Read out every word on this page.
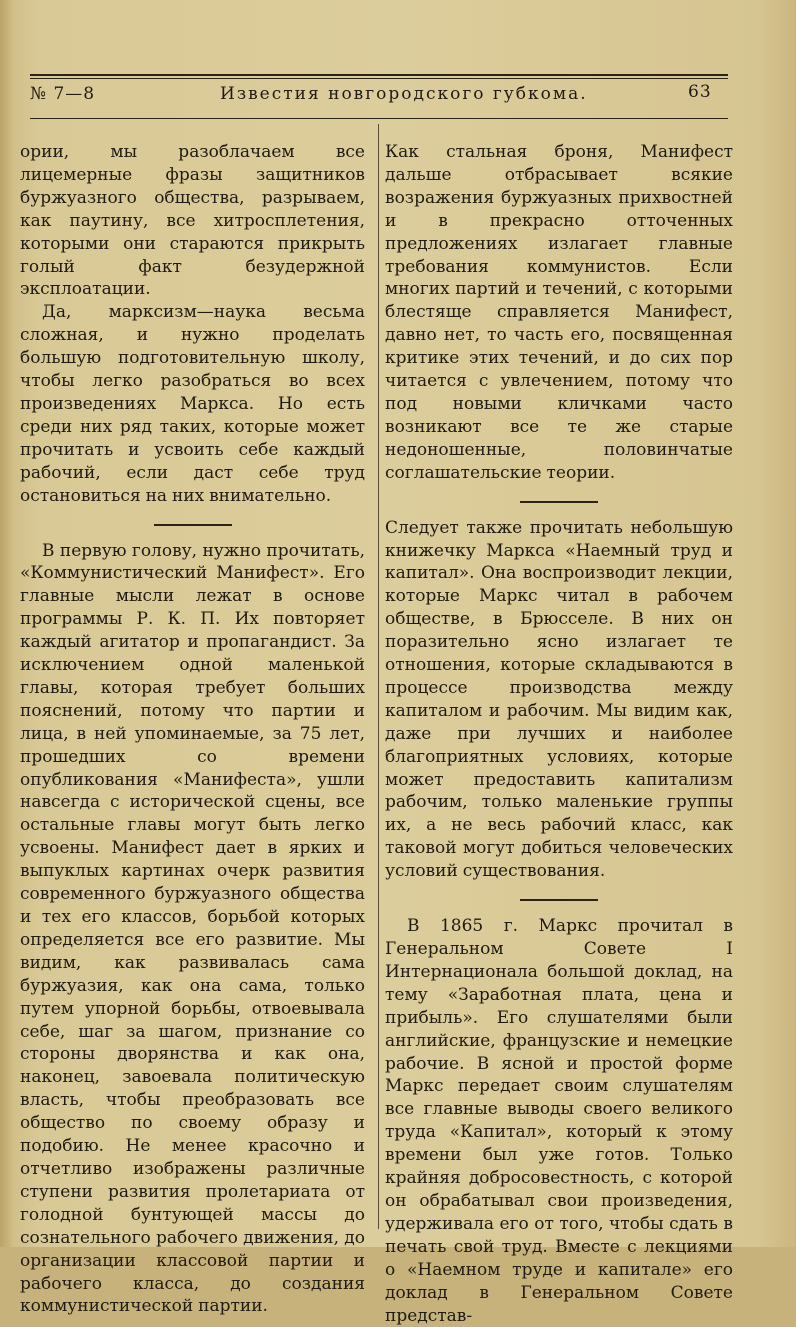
№ 7—8	Известия новгородского губкома.	63

ории, мы разоблачаем все лицемерные фразы защитников буржуазного общества, разрываем, как паутину, все хитросплетения, которыми они стараются прикрыть голый факт безудержной эксплоатации.

Да, марксизм—наука весьма сложная, и нужно проделать большую подготовительную школу, чтобы легко разобраться во всех произведениях Маркса. Но есть среди них ряд таких, которые может прочитать и усвоить себе каждый рабочий, если даст себе труд остановиться на них внимательно.

В первую голову, нужно прочитать, «Коммунистический Манифест». Его главные мысли лежат в основе программы Р. К. П. Их повторяет каждый агитатор и пропагандист. За исключением одной маленькой главы, которая требует больших пояснений, потому что партии и лица, в ней упоминаемые, за 75 лет, прошедших со времени опубликования «Манифеста», ушли навсегда с исторической сцены, все остальные главы могут быть легко усвоены. Манифест дает в ярких и выпуклых картинах очерк развития современного буржуазного общества и тех его классов, борьбой которых определяется все его развитие. Мы видим, как развивалась сама буржуазия, как она сама, только путем упорной борьбы, отвоевывала себе, шаг за шагом, признание со стороны дворянства и как она, наконец, завоевала политическую власть, чтобы преобразовать все общество по своему образу и подобию. Не менее красочно и отчетливо изображены различные ступени развития пролетариата от голодной бунтующей массы до сознательного рабочего движения, до организации классовой партии и рабочего класса, до создания коммунистической партии.

Как стальная броня, Манифест дальше отбрасывает всякие возражения буржуазных прихвостней и в прекрасно отточенных предложениях излагает главные требования коммунистов. Если многих партий и течений, с которыми блестяще справляется Манифест, давно нет, то часть его, посвященная критике этих течений, и до сих пор читается с увлечением, потому что под новыми кличками часто возникают все те же старые недоношенные, половинчатые соглашательские теории.

Следует также прочитать небольшую книжечку Маркса «Наемный труд и капитал». Она воспроизводит лекции, которые Маркс читал в рабочем обществе, в Брюсселе. В них он поразительно ясно излагает те отношения, которые складываются в процессе производства между капиталом и рабочим. Мы видим как, даже при лучших и наиболее благоприятных условиях, которые может предоставить капитализм рабочим, только маленькие группы их, а не весь рабочий класс, как таковой могут добиться человеческих условий существования.

В 1865 г. Маркс прочитал в Генеральном Совете I Интернационала большой доклад, на тему «Заработная плата, цена и прибыль». Его слушателями были английские, французские и немецкие рабочие. В ясной и простой форме Маркс передает своим слушателям все главные выводы своего великого труда «Капитал», который к этому времени был уже готов. Только крайняя добросовестность, с которой он обрабатывал свои произведения, удерживала его от того, чтобы сдать в печать свой труд. Вместе с лекциями о «Наемном труде и капитале» его доклад в Генеральном Совете представ-
